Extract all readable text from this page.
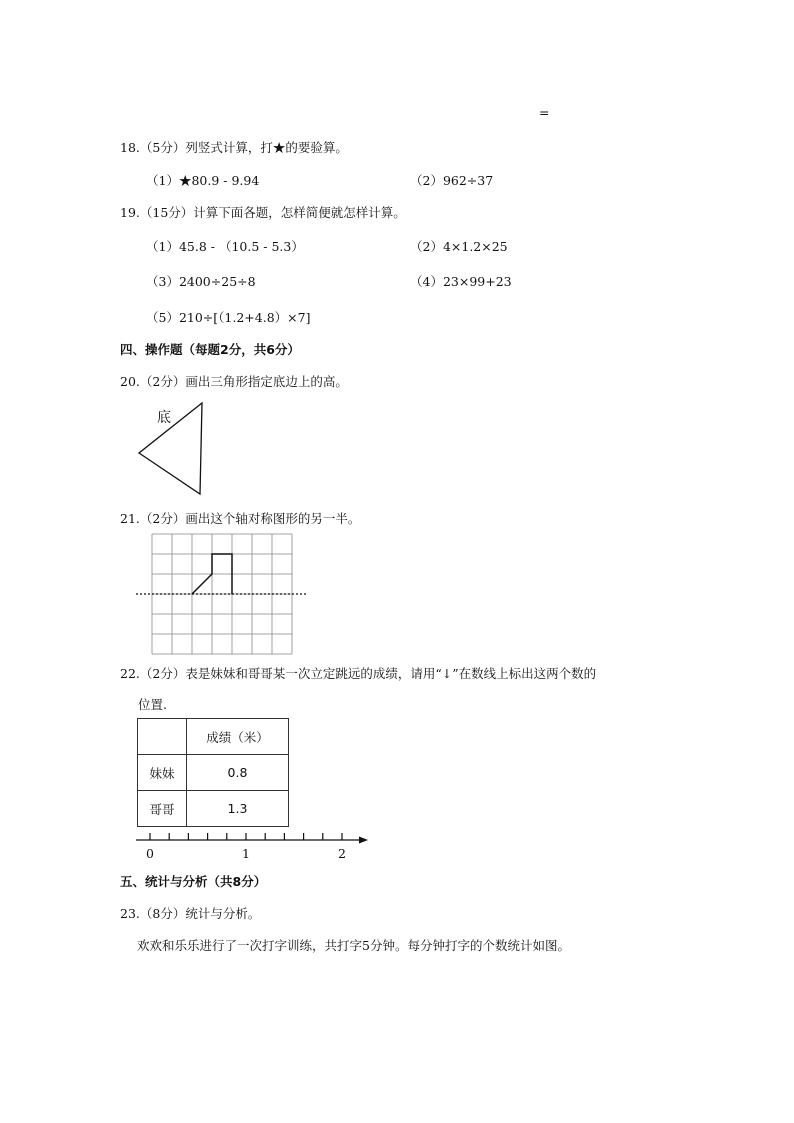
=
18.（5分）列竖式计算，打★的要验算。
（1）★80.9 - 9.94	（2）962÷37
19.（15分）计算下面各题，怎样简便就怎样计算。
（1）45.8 - （10.5 - 5.3）	（2）4×1.2×25
（3）2400÷25÷8	（4）23×99+23
（5）210÷[（1.2+4.8）×7]
四、操作题（每题2分，共6分）
20.（2分）画出三角形指定底边上的高。
底
21.（2分）画出这个轴对称图形的另一半。
22.（2分）表是妹妹和哥哥某一次立定跳远的成绩，请用“↓”在数线上标出这两个数的
位置.
	成绩（米）
妹妹	0.8
哥哥	1.3
0	1	2
五、统计与分析（共8分）
23.（8分）统计与分析。
欢欢和乐乐进行了一次打字训练，共打字5分钟。每分钟打字的个数统计如图。
